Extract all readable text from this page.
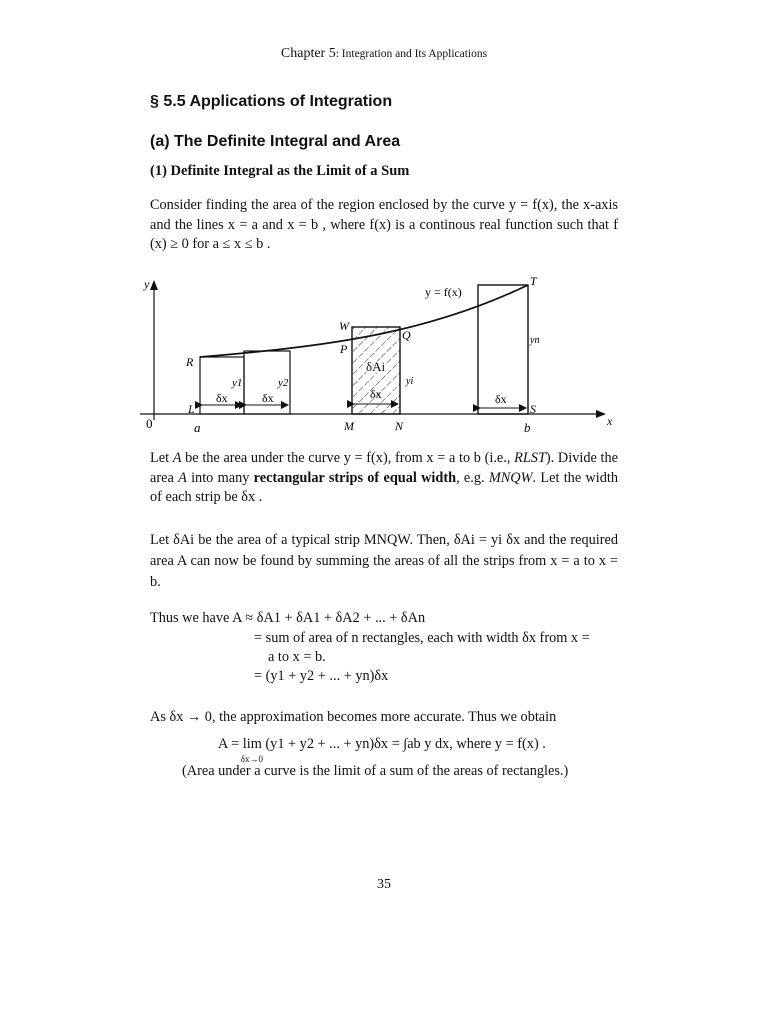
Chapter 5: Integration and Its Applications
§ 5.5 Applications of Integration
(a) The Definite Integral and Area
(1) Definite Integral as the Limit of a Sum

Consider finding the area of the region enclosed by the curve y = f(x), the x-axis and the lines x = a and x = b , where f(x) is a continous real function such that f (x) ≥ 0 for a ≤ x ≤ b .

y
x
0
y = f(x)
R
L
W
P
Q
M	N
S
T
a	b
y1	y2	yi
yn
δx	δx	δx	δx
δAi

Let A be the area under the curve y = f(x), from x = a to b (i.e., RLST). Divide the area A into many rectangular strips of equal width, e.g. MNQW. Let the width of each strip be δx .

Let δAi be the area of a typical strip MNQW. Then, δAi = yi δx and the required area A can now be found by summing the areas of all the strips from x = a to x = b.

Thus we have A ≈ δA1 + δA1 + δA2 + ... + δAn
= sum of area of n rectangles, each with width δx from x =
a to x = b.
= (y1 + y2 + ... + yn)δx

As δx → 0, the approximation becomes more accurate. Thus we obtain

A = lim
δx→0
(y1 + y2 + ... + yn)δx = ∫ab y dx, where y = f(x) .
(Area under a curve is the limit of a sum of the areas of rectangles.)
35
